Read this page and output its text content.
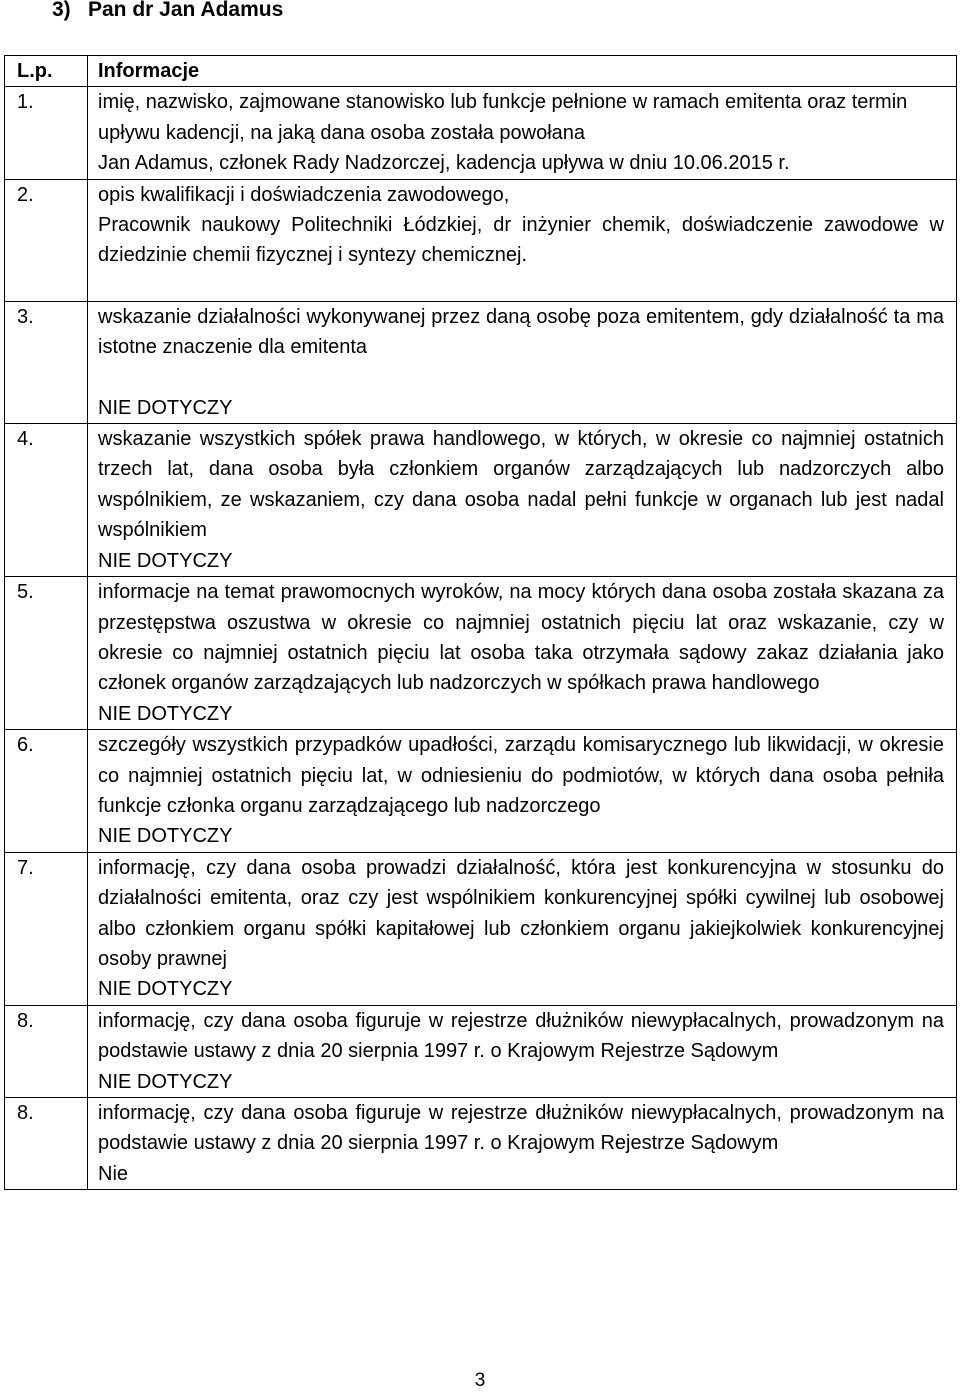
3) Pan dr Jan Adamus
L.p.	Informacje
1.	imię, nazwisko, zajmowane stanowisko lub funkcje pełnione w ramach emitenta oraz termin upływu kadencji, na jaką dana osoba została powołana

Jan Adamus, członek Rady Nadzorczej, kadencja upływa w dniu 10.06.2015 r.

2.	opis kwalifikacji i doświadczenia zawodowego,

Pracownik naukowy Politechniki Łódzkiej, dr inżynier chemik, doświadczenie zawodowe w dziedzinie chemii fizycznej i syntezy chemicznej.

3.	wskazanie działalności wykonywanej przez daną osobę poza emitentem, gdy działalność ta ma istotne znaczenie dla emitenta

NIE DOTYCZY

4.	wskazanie wszystkich spółek prawa handlowego, w których, w okresie co najmniej ostatnich trzech lat, dana osoba była członkiem organów zarządzających lub nadzorczych albo wspólnikiem, ze wskazaniem, czy dana osoba nadal pełni funkcje w organach lub jest nadal wspólnikiem

NIE DOTYCZY

5.	informacje na temat prawomocnych wyroków, na mocy których dana osoba została skazana za przestępstwa oszustwa w okresie co najmniej ostatnich pięciu lat oraz wskazanie, czy w okresie co najmniej ostatnich pięciu lat osoba taka otrzymała sądowy zakaz działania jako członek organów zarządzających lub nadzorczych w spółkach prawa handlowego

NIE DOTYCZY

6.	szczegóły wszystkich przypadków upadłości, zarządu komisarycznego lub likwidacji, w okresie co najmniej ostatnich pięciu lat, w odniesieniu do podmiotów, w których dana osoba pełniła funkcje członka organu zarządzającego lub nadzorczego

NIE DOTYCZY

7.	informację, czy dana osoba prowadzi działalność, która jest konkurencyjna w stosunku do działalności emitenta, oraz czy jest wspólnikiem konkurencyjnej spółki cywilnej lub osobowej albo członkiem organu spółki kapitałowej lub członkiem organu jakiejkolwiek konkurencyjnej osoby prawnej

NIE DOTYCZY

8.	informację, czy dana osoba figuruje w rejestrze dłużników niewypłacalnych, prowadzonym na podstawie ustawy z dnia 20 sierpnia 1997 r. o Krajowym Rejestrze Sądowym

NIE DOTYCZY

8.	informację, czy dana osoba figuruje w rejestrze dłużników niewypłacalnych, prowadzonym na podstawie ustawy z dnia 20 sierpnia 1997 r. o Krajowym Rejestrze Sądowym

Nie

3
